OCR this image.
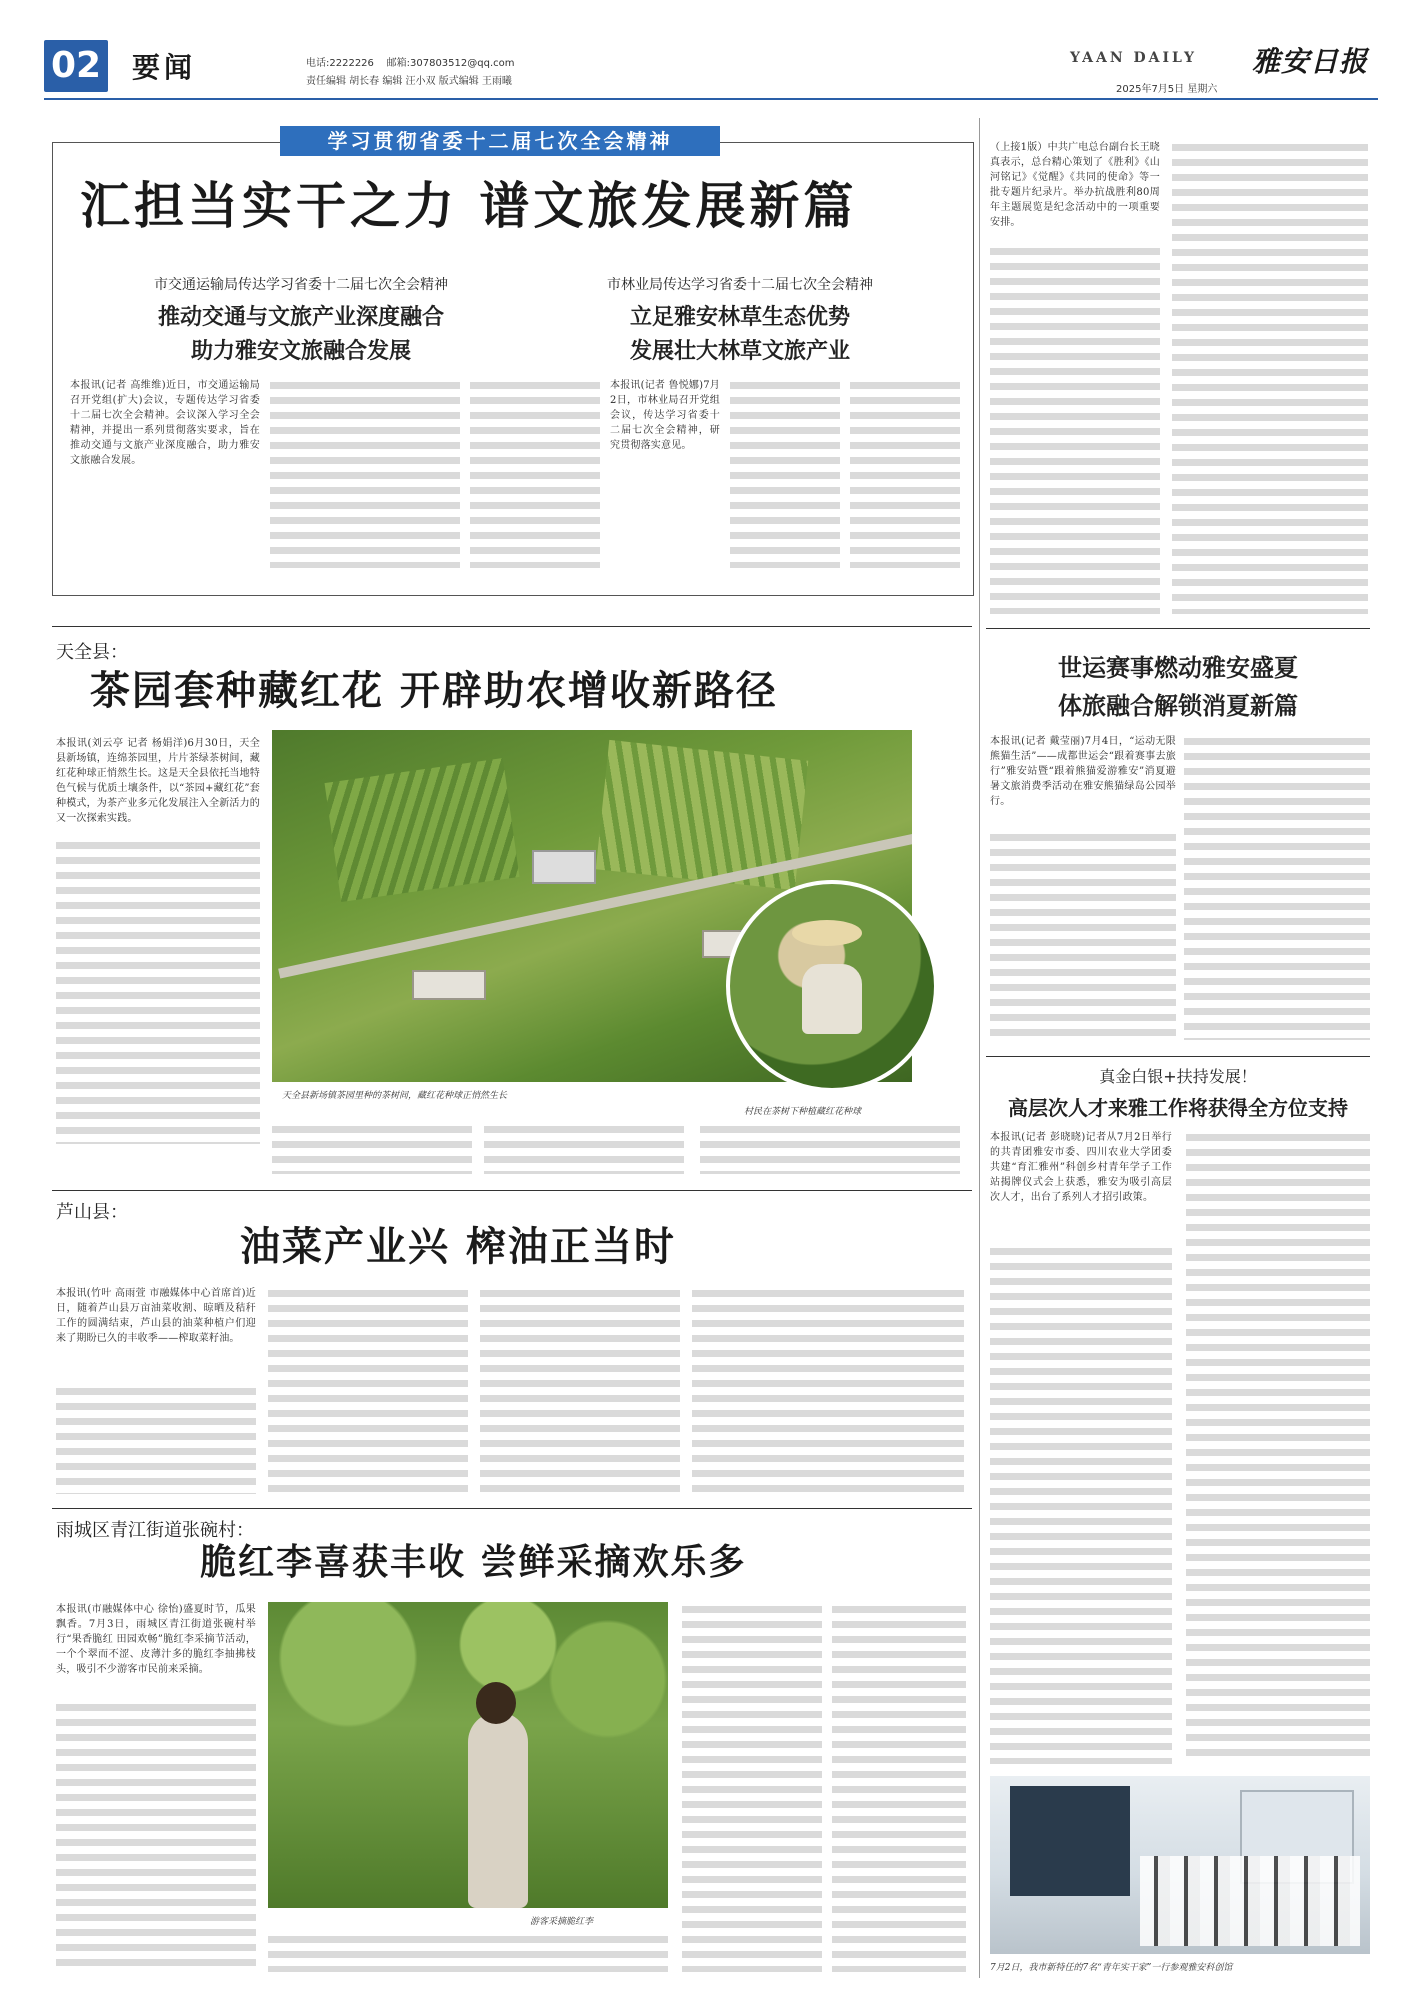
02 要闻	电话:2222226 邮箱:307803512@qq.com
责任编辑 胡长春 编辑 汪小双 版式编辑 王雨曦
YAAN DAILY 雅安日报
2025年7月5日 星期六
学习贯彻省委十二届七次全会精神
汇担当实干之力 谱文旅发展新篇
市交通运输局传达学习省委十二届七次全会精神
推动交通与文旅产业深度融合
助力雅安文旅融合发展
本报讯(记者 高维维)近日，市交通运输局召开党组(扩大)会议，专题传达学习省委十二届七次全会精神。会议深入学习全会精神，并提出一系列贯彻落实要求，旨在推动交通与文旅产业深度融合，助力雅安文旅融合发展。
市林业局传达学习省委十二届七次全会精神
立足雅安林草生态优势
发展壮大林草文旅产业
本报讯(记者 鲁悦娜)7月2日，市林业局召开党组会议，传达学习省委十二届七次全会精神，研究贯彻落实意见。
（上接1版）中共广电总台副台长王晓真表示，总台精心策划了《胜利》《山河铭记》《觉醒》《共同的使命》等一批专题片纪录片。举办抗战胜利80周年主题展览是纪念活动中的一项重要安排。
世运赛事燃动雅安盛夏
体旅融合解锁消夏新篇
本报讯(记者 戴莹丽)7月4日，“运动无限 熊猫生活”——成都世运会“跟着赛事去旅行”雅安站暨“跟着熊猫爱游雅安”消夏避暑文旅消费季活动在雅安熊猫绿岛公园举行。
天全县：
茶园套种藏红花 开辟助农增收新路径
本报讯(刘云亭 记者 杨娟洋)6月30日，天全县新场镇，连绵茶园里，片片茶绿茶树间，藏红花种球正悄然生长。这是天全县依托当地特色气候与优质土壤条件，以“茶园+藏红花”套种模式，为茶产业多元化发展注入全新活力的又一次探索实践。
天全县新场镇茶园里种的茶树间，藏红花种球正悄然生长
村民在茶树下种植藏红花种球
芦山县：
油菜产业兴 榨油正当时
本报讯(竹叶 高雨萱 市融媒体中心首席首)近日，随着芦山县万亩油菜收割、晾晒及秸秆工作的圆满结束，芦山县的油菜种植户们迎来了期盼已久的丰收季——榨取菜籽油。
雨城区青江街道张碗村：
脆红李喜获丰收 尝鲜采摘欢乐多
本报讯(市融媒体中心 徐怡)盛夏时节，瓜果飘香。7月3日，雨城区青江街道张碗村举行“果香脆红 田园欢畅”脆红李采摘节活动，一个个翠而不涩、皮薄汁多的脆红李抽拂枝头，吸引不少游客市民前来采摘。
游客采摘脆红李
真金白银+扶持发展！
高层次人才来雅工作将获得全方位支持
本报讯(记者 彭晓晓)记者从7月2日举行的共青团雅安市委、四川农业大学团委共建“育汇雅州”科创乡村青年学子工作站揭牌仪式会上获悉，雅安为吸引高层次人才，出台了系列人才招引政策。
7月2日，我市新特任的7名“青年实干家”一行参观雅安科创馆
